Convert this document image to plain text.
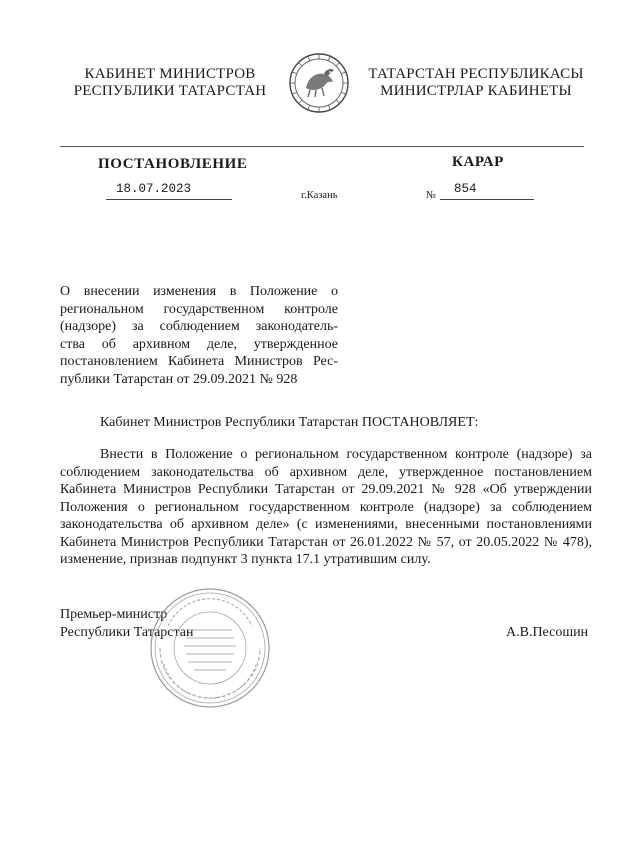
КАБИНЕТ МИНИСТРОВ
РЕСПУБЛИКИ ТАТАРСТАН
ТАТАРСТАН РЕСПУБЛИКАСЫ
МИНИСТРЛАР КАБИНЕТЫ
ПОСТАНОВЛЕНИЕ	КАРАР
18.07.2023	г.Казань	№	854
О внесении изменения в Положение о
региональном государственном контроле
(надзоре) за соблюдением законодатель-
ства об архивном деле, утвержденное
постановлением Кабинета Министров Рес-
публики Татарстан от 29.09.2021 № 928
Кабинет Министров Республики Татарстан ПОСТАНОВЛЯЕТ:
Внести в Положение о региональном государственном контроле (надзоре) за соблюдением законодательства об архивном деле, утвержденное постановлением Кабинета Министров Республики Татарстан от 29.09.2021 № 928 «Об утверждении Положения о региональном государственном контроле (надзоре) за соблюдением законодательства об архивном деле» (с изменениями, внесенными постановлениями Кабинета Министров Республики Татарстан от 26.01.2022 № 57, от 20.05.2022 № 478), изменение, признав подпункт 3 пункта 17.1 утратившим силу.
Премьер-министр
Республики Татарстан	А.В.Песошин
